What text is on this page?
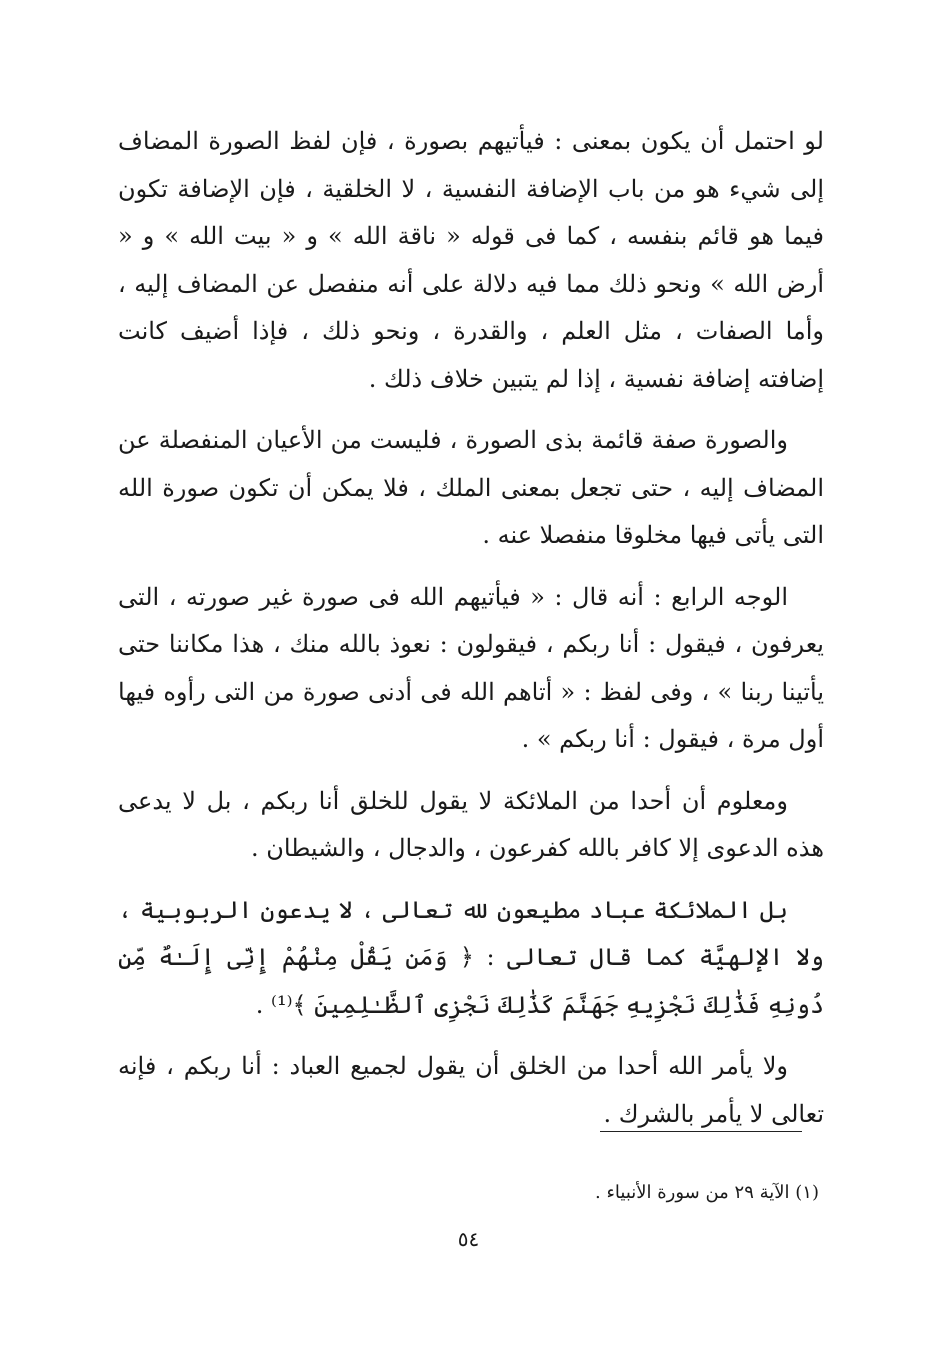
لو احتمل أن يكون بمعنى : فيأتيهم بصورة ، فإن لفظ الصورة المضاف إلى شيء هو من باب الإضافة النفسية ، لا الخلقية ، فإن الإضافة تكون فيما هو قائم بنفسه ، كما فى قوله « ناقة الله » و « بيت الله » و « أرض الله » ونحو ذلك مما فيه دلالة على أنه منفصل عن المضاف إليه ، وأما الصفات ، مثل العلم ، والقدرة ، ونحو ذلك ، فإذا أضيف كانت إضافته إضافة نفسية ، إذا لم يتبين خلاف ذلك .

والصورة صفة قائمة بذى الصورة ، فليست من الأعيان المنفصلة عن المضاف إليه ، حتى تجعل بمعنى الملك ، فلا يمكن أن تكون صورة الله التى يأتى فيها مخلوقا منفصلا عنه .

الوجه الرابع : أنه قال : « فيأتيهم الله فى صورة غير صورته ، التى يعرفون ، فيقول : أنا ربكم ، فيقولون : نعوذ بالله منك ، هذا مكاننا حتى يأتينا ربنا » ، وفى لفظ : « أتاهم الله فى أدنى صورة من التى رأوه فيها أول مرة ، فيقول : أنا ربكم » .

ومعلوم أن أحدا من الملائكة لا يقول للخلق أنا ربكم ، بل لا يدعى هذه الدعوى إلا كافر بالله كفرعون ، والدجال ، والشيطان .

بل الملائكة عباد مطيعون لله تعالى ، لا يدعون الربوبية ، ولا الإلهيَّة كما قال تعالى : ﴿ وَمَن يَقُلْ مِنْهُمْ إِنِّى إِلَـٰهٌ مِّن دُونِهِ فَذَٰلِكَ نَجْزِيهِ جَهَنَّمَ كَذَٰلِكَ نَجْزِى ٱلظَّـٰلِمِينَ ﴾⁽¹⁾ .

ولا يأمر الله أحدا من الخلق أن يقول لجميع العباد : أنا ربكم ، فإنه تعالى لا يأمر بالشرك .

(١) الآية ٢٩ من سورة الأنبياء .
٥٤
